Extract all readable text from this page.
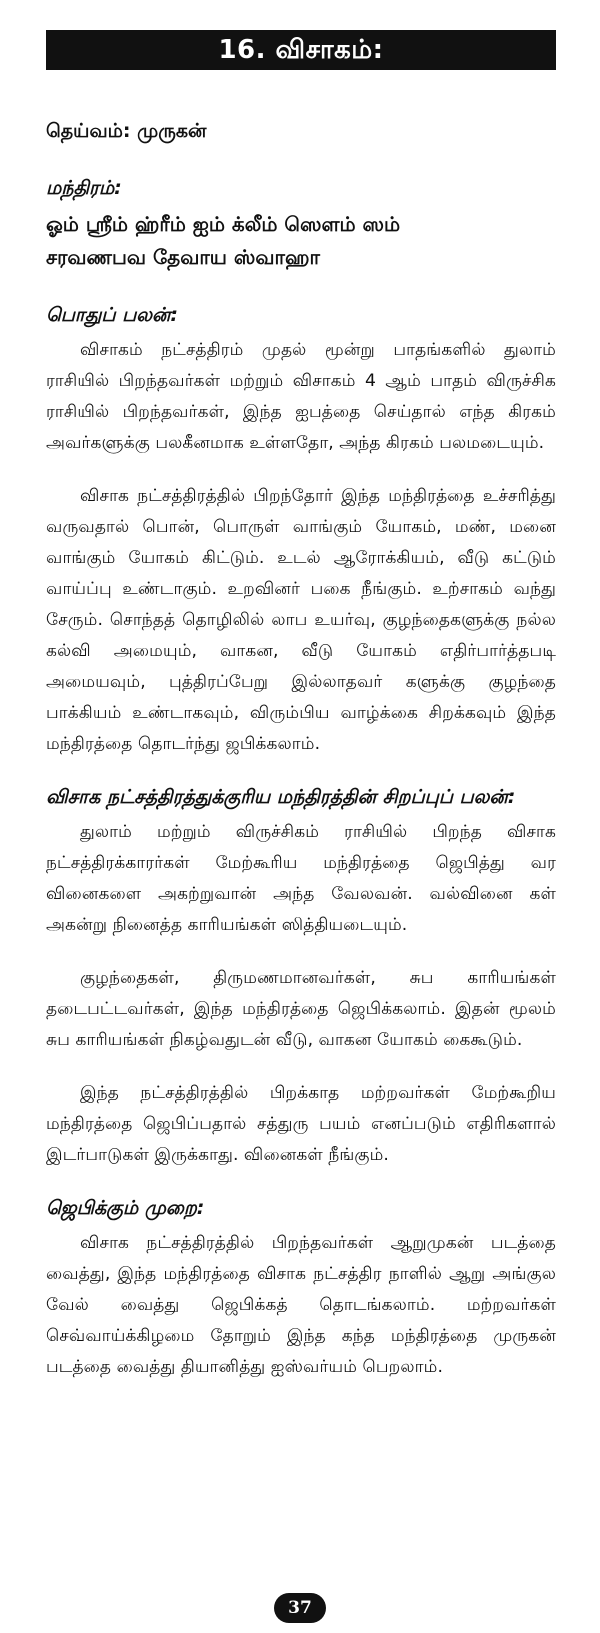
16. விசாகம்:
தெய்வம்: முருகன்
மந்திரம்:
ஓம் ஶ்ரீம் ஹ்ரீம் ஐம் க்லீம் ஸௌம் ஸம்
சரவணபவ தேவாய ஸ்வாஹா
பொதுப் பலன்:

விசாகம் நட்சத்திரம் முதல் மூன்று பாதங்களில் துலாம் ராசியில் பிறந்தவர்கள் மற்றும் விசாகம் 4 ஆம் பாதம் விருச்சிக ராசியில் பிறந்தவர்கள், இந்த ஐபத்தை செய்தால் எந்த கிரகம் அவர்களுக்கு பலகீனமாக உள்ளதோ, அந்த கிரகம் பலமடையும்.

விசாக நட்சத்திரத்தில் பிறந்தோர் இந்த மந்திரத்தை உச்சரித்து வருவதால் பொன், பொருள் வாங்கும் யோகம், மண், மனை வாங்கும் யோகம் கிட்டும். உடல் ஆரோக்கியம், வீடு கட்டும் வாய்ப்பு உண்டாகும். உறவினர் பகை நீங்கும். உற்சாகம் வந்து சேரும். சொந்தத் தொழிலில் லாப உயர்வு, குழந்தைகளுக்கு நல்ல கல்வி அமையும், வாகன, வீடு யோகம் எதிர்பார்த்தபடி அமையவும், புத்திரப்பேறு இல்லாதவர் களுக்கு குழந்தை பாக்கியம் உண்டாகவும், விரும்பிய வாழ்க்கை சிறக்கவும் இந்த மந்திரத்தை தொடர்ந்து ஜபிக்கலாம்.

விசாக நட்சத்திரத்துக்குரிய மந்திரத்தின் சிறப்புப் பலன்:

துலாம் மற்றும் விருச்சிகம் ராசியில் பிறந்த விசாக நட்சத்திரக்காரர்கள் மேற்கூரிய மந்திரத்தை ஜெபித்து வர வினைகளை அகற்றுவான் அந்த வேலவன். வல்வினை கள் அகன்று நினைத்த காரியங்கள் ஸித்தியடையும்.

குழந்தைகள், திருமணமானவர்கள், சுப காரியங்கள் தடைபட்டவர்கள், இந்த மந்திரத்தை ஜெபிக்கலாம். இதன் மூலம் சுப காரியங்கள் நிகழ்வதுடன் வீடு, வாகன யோகம் கைகூடும்.

இந்த நட்சத்திரத்தில் பிறக்காத மற்றவர்கள் மேற்கூறிய மந்திரத்தை ஜெபிப்பதால் சத்துரு பயம் எனப்படும் எதிரிகளால் இடர்பாடுகள் இருக்காது. வினைகள் நீங்கும்.

ஜெபிக்கும் முறை:

விசாக நட்சத்திரத்தில் பிறந்தவர்கள் ஆறுமுகன் படத்தை வைத்து, இந்த மந்திரத்தை விசாக நட்சத்திர நாளில் ஆறு அங்குல வேல் வைத்து ஜெபிக்கத் தொடங்கலாம். மற்றவர்கள் செவ்வாய்க்கிழமை தோறும் இந்த கந்த மந்திரத்தை முருகன் படத்தை வைத்து தியானித்து ஐஸ்வர்யம் பெறலாம்.

37
